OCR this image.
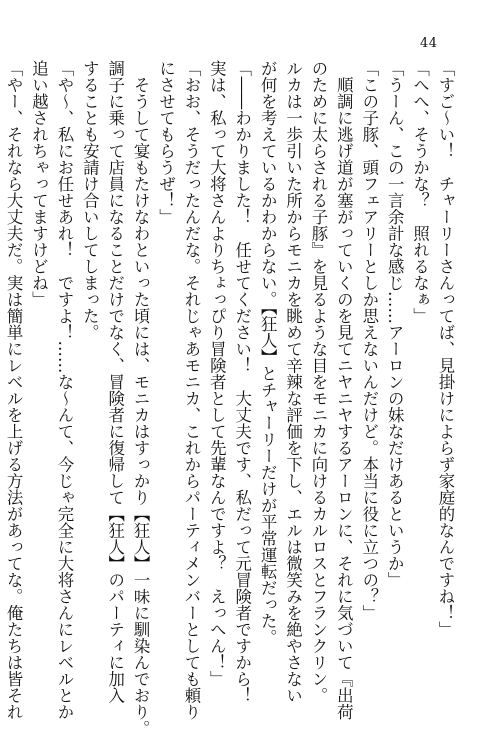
44
「すご〜い！　チャーリーさんってば、見掛けによらず家庭的なんですね！」
「へへ、そうかな？　照れるなぁ」
「うーん、この一言余計な感じ……アーロンの妹なだけあるというか」
「この子豚、頭フェアリーとしか思えないんだけど。本当に役に立つの？」
　順調に逃げ道が塞がっていくのを見てニヤニヤするアーロンに、それに気づいて『出荷
のために太らされる子豚』を見るような目をモニカに向けるカルロスとフランクリン。
ルカは一歩引いた所からモニカを眺めて辛辣な評価を下し、エルは微笑みを絶やさない
が何を考えているかわからない。【狂人】とチャーリーだけが平常運転だった。
「――わかりました！　任せてください！　大丈夫です、私だって元冒険者ですから！
実は、私って大将さんよりちょっぴり冒険者として先輩なんですよ？　えっへん！」
「おお、そうだったんだな。それじゃあモニカ、これからパーティメンバーとしても頼り
にさせてもらうぜ！」
　そうして宴もたけなわといった頃には、モニカはすっかり【狂人】一味に馴染んでおり。
調子に乗って店員になることだけでなく、冒険者に復帰して【狂人】のパーティに加入
することも安請け合いしてしまった。
「や〜、私にお任せあれ！　ですよ！……な〜んて、今じゃ完全に大将さんにレベルとか
追い越されちゃってますけどね」
「やー、それなら大丈夫だ。実は簡単にレベルを上げる方法があってな。俺たちは皆それ
